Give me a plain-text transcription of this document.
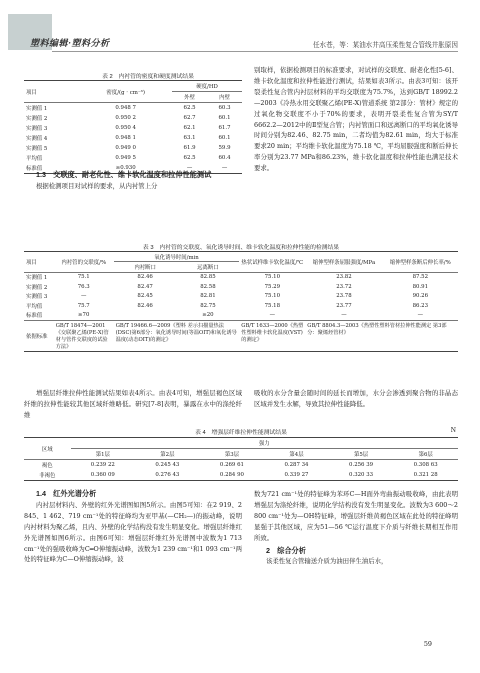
塑料编辑·塑料分析	任水苍，等：某油水井高压柔性复合管线井胀原因
表 2　内衬管的密度和硬度测试结果
项目	密度/(g · cm⁻³)	硬度/HD	
		外壁	内壁
实测值 1	0.948 7	62.5	60.3
实测值 2	0.950 2	62.7	60.1
实测值 3	0.950 4	62.1	61.7
实测值 4	0.948 1	63.1	60.1
实测值 5	0.949 0	61.9	59.9
平均值	0.949 5	62.5	60.4
标准值	≥0.930	—	—

1.3　交联度、耐老化性、维卡软化温度和拉伸性能测试

根据检测项目对试样的要求，从内衬管上分

别取样，依据检测项目的标准要求，对试样的交联度、耐老化性[5-6]、维卡软化温度和拉伸性能进行测试，结果如表3所示。由表3可知：该开裂柔性复合管内衬层材料的平均交联度为75.7%，达到GB/T 18992.2—2003《冷热水用交联聚乙烯(PE-X)管道系统 第2部分：管材》规定的过氧化物交联度不小于70%的要求，表明开裂柔性复合管为SY/T 6662.2—2012中的Ⅱ型复合管；内衬管面口和远离断口的平均氧化诱导时间分别为82.46、82.75 min，二者均值为82.61 min，均大于标准要求20 min；平均维卡软化温度为75.18 ℃，平均屈服强度和断后伸长率分别为23.77 MPa和86.23%，维卡软化温度和拉伸性能也满足技术要求。

表 3　内衬管的交联度、氧化诱导时间、维卡软化温度和拉伸性能的检测结果
项目	内衬管的交联度/%	氧化诱导时间/min		热状试样维卡软化温度/℃	缩伸型样条屈服强度/MPa	缩伸型样条断后伸长率/%
		内衬断口	远离断口			
实测值 1	75.1	82.46	82.85	75.10	23.82	87.52
实测值 2	76.3	82.47	82.58	75.29	23.72	80.91
实测值 3	—	82.45	82.81	75.10	23.78	90.26
平均值	75.7	82.46	82.75	75.18	23.77	86.23
标准值	≥70		≥20	—	—	—
依据标准	GB/T 18474—2001《交联聚乙烯(PE-X)管材与管件交联度的试验方法》	GB/T 19466.6—2009《塑料 差示扫描量热法(DSC)第6部分：氧化诱导时间(等温OIT)和氧化诱导温度(动态OIT)的测定》		GB/T 1633—2000《热塑性塑料维卡软化温度(VST)的测定》	GB/T 8804.3—2003《热塑性塑料管材拉伸性能测定 第3部分：聚烯烃管材》	

增强层纤维拉伸性能测试结果如表4所示。由表4可知，增强层褐色区域纤维的拉伸性能较其他区域纤维略低。研究[7-8]表明，暴露在水中的涤纶纤维

吸收的水分含量会随时间的延长而增加，水分会渗透到聚合物的非晶态区域并发生水解，导致其拉伸性能降低。

表 4　增强层纤维拉伸性能测试结果	N
区域	强力					
	第1层	第2层	第3层	第4层	第5层	第6层
褐色	0.239 22	0.245 43	0.269 61	0.287 34	0.256 39	0.308 63
非褐色	0.360 09	0.276 43	0.284 90	0.339 27	0.320 33	0.321 28

1.4　红外光谱分析

内衬层材料内、外壁的红外光谱图如图5所示。由图5可知：在2 919、2 845、1 462、719 cm⁻¹处的特征峰均为亚甲基(—CH₂—)的振动峰，说明内衬材料为聚乙烯，且内、外壁的化学结构没有发生明显变化。增强层纤维红外光谱图如图6所示。由图6可知：增强层纤维红外光谱图中波数为1 713 cm⁻¹处的强吸收峰为C═O伸缩振动峰，波数为1 239 cm⁻¹和1 093 cm⁻¹两处的特征峰为C—O伸缩振动峰，波

数为721 cm⁻¹处的特征峰为苯环C—H面外弯曲振动吸收峰，由此表明增强层为涤纶纤维，说明化学结构没有发生明显变化。波数为3 600～2 800 cm⁻¹处为—OH特征峰，增强层纤维黄褐色区域在此处的特征峰明显强于其他区域，应为51—56 ℃运行温度下介质与纤维长期相互作用所致。

2　综合分析

该柔性复合管输送介质为油田伴生油后水，

59
